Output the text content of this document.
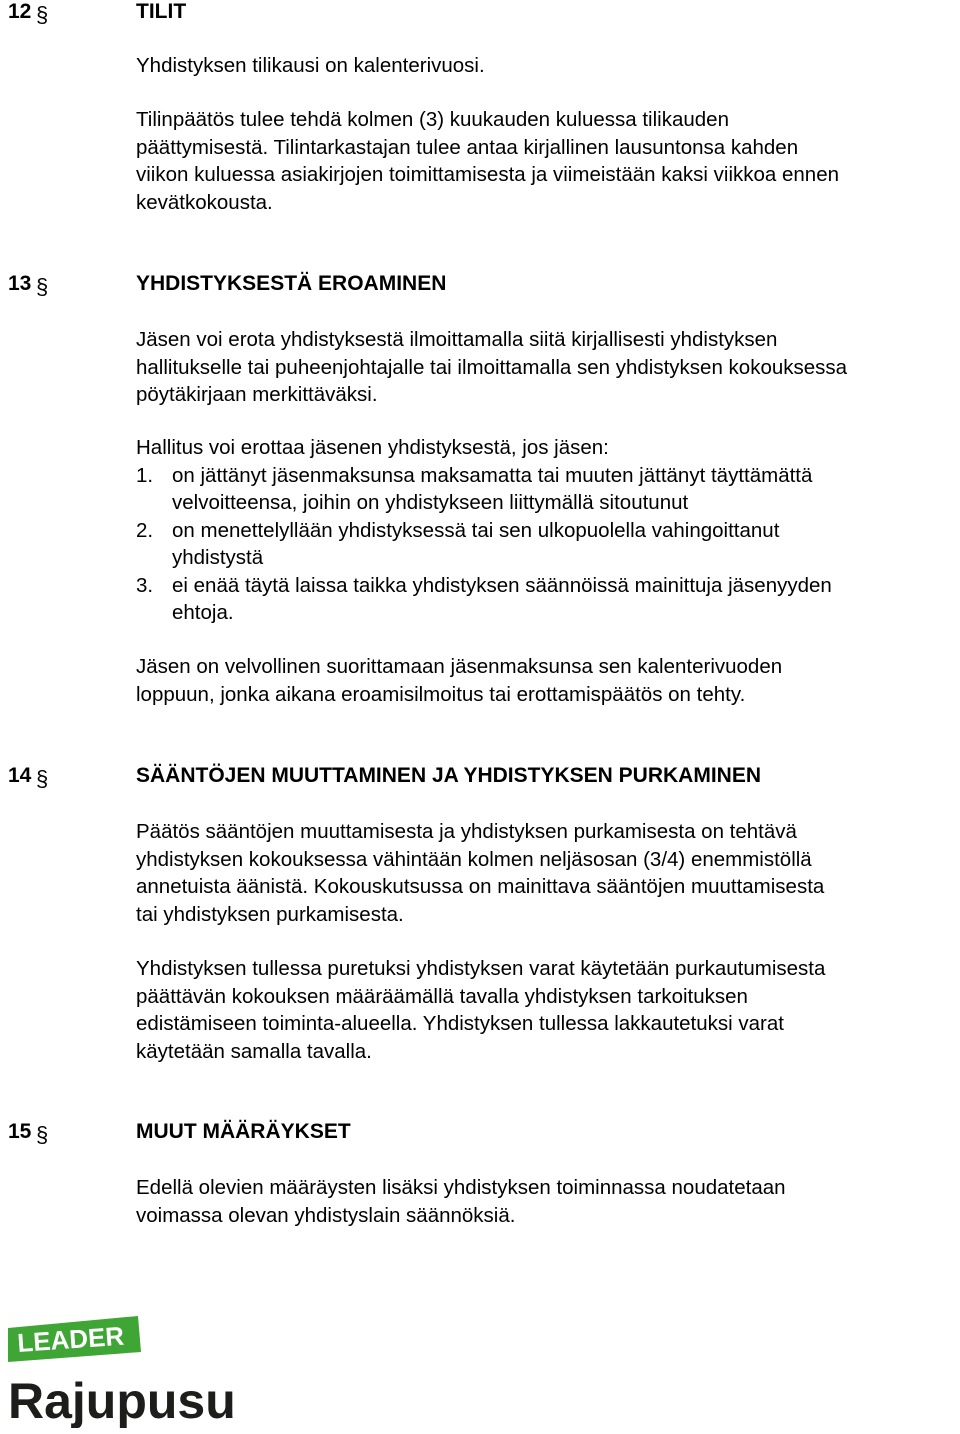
12 §	TILIT
Yhdistyksen tilikausi on kalenterivuosi.
Tilinpäätös tulee tehdä kolmen (3) kuukauden kuluessa tilikauden
päättymisestä. Tilintarkastajan tulee antaa kirjallinen lausuntonsa kahden
viikon kuluessa asiakirjojen toimittamisesta ja viimeistään kaksi viikkoa ennen
kevätkokousta.
13 §	YHDISTYKSESTÄ EROAMINEN
Jäsen voi erota yhdistyksestä ilmoittamalla siitä kirjallisesti yhdistyksen
hallitukselle tai puheenjohtajalle tai ilmoittamalla sen yhdistyksen kokouksessa
pöytäkirjaan merkittäväksi.
Hallitus voi erottaa jäsenen yhdistyksestä, jos jäsen:
1. on jättänyt jäsenmaksunsa maksamatta tai muuten jättänyt täyttämättä
velvoitteensa, joihin on yhdistykseen liittymällä sitoutunut
2. on menettelyllään yhdistyksessä tai sen ulkopuolella vahingoittanut
yhdistystä
3. ei enää täytä laissa taikka yhdistyksen säännöissä mainittuja jäsenyyden
ehtoja.
Jäsen on velvollinen suorittamaan jäsenmaksunsa sen kalenterivuoden
loppuun, jonka aikana eroamisilmoitus tai erottamispäätös on tehty.
14 §	SÄÄNTÖJEN MUUTTAMINEN JA YHDISTYKSEN PURKAMINEN
Päätös sääntöjen muuttamisesta ja yhdistyksen purkamisesta on tehtävä
yhdistyksen kokouksessa vähintään kolmen neljäsosan (3/4) enemmistöllä
annetuista äänistä. Kokouskutsussa on mainittava sääntöjen muuttamisesta
tai yhdistyksen purkamisesta.
Yhdistyksen tullessa puretuksi yhdistyksen varat käytetään purkautumisesta
päättävän kokouksen määräämällä tavalla yhdistyksen tarkoituksen
edistämiseen toiminta-alueella. Yhdistyksen tullessa lakkautetuksi varat
käytetään samalla tavalla.
15 §	MUUT MÄÄRÄYKSET
Edellä olevien määräysten lisäksi yhdistyksen toiminnassa noudatetaan
voimassa olevan yhdistyslain säännöksiä.
LEADER
Rajupusu
